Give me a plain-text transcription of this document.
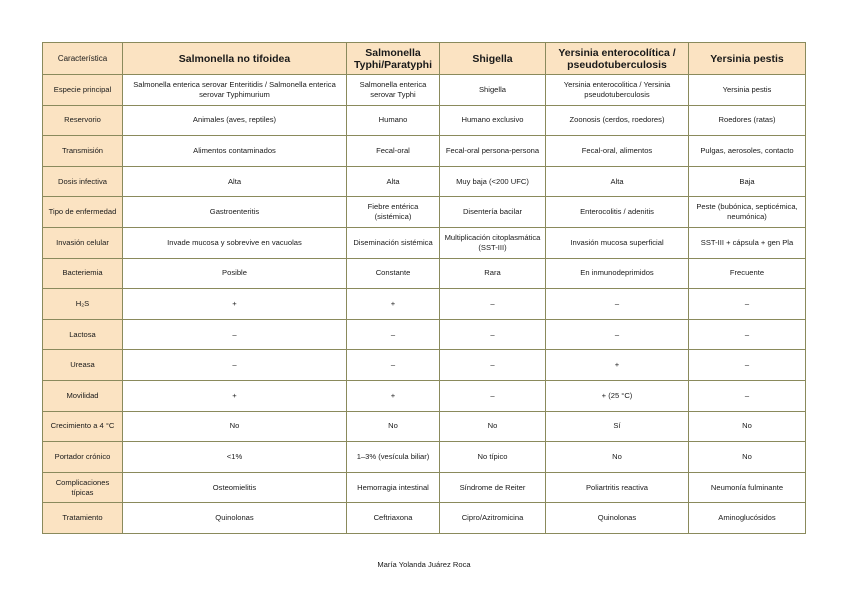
Característica	Salmonella no tifoidea	Salmonella Typhi/Paratyphi	Shigella	Yersinia enterocolítica / pseudotuberculosis	Yersinia pestis
Especie principal	Salmonella enterica serovar Enteritidis / Salmonella enterica serovar Typhimurium	Salmonella enterica serovar Typhi	Shigella	Yersinia enterocolitica / Yersinia pseudotuberculosis	Yersinia pestis
Reservorio	Animales (aves, reptiles)	Humano	Humano exclusivo	Zoonosis (cerdos, roedores)	Roedores (ratas)
Transmisión	Alimentos contaminados	Fecal-oral	Fecal-oral persona-persona	Fecal-oral, alimentos	Pulgas, aerosoles, contacto
Dosis infectiva	Alta	Alta	Muy baja (<200 UFC)	Alta	Baja
Tipo de enfermedad	Gastroenteritis	Fiebre entérica (sistémica)	Disentería bacilar	Enterocolitis / adenitis	Peste (bubónica, septicémica, neumónica)
Invasión celular	Invade mucosa y sobrevive en vacuolas	Diseminación sistémica	Multiplicación citoplasmática (SST-III)	Invasión mucosa superficial	SST-III + cápsula + gen Pla
Bacteriemia	Posible	Constante	Rara	En inmunodeprimidos	Frecuente
H₂S	+	+	–	–	–
Lactosa	–	–	–	–	–
Ureasa	–	–	–	+	–
Movilidad	+	+	–	+ (25 °C)	–
Crecimiento a 4 °C	No	No	No	Sí	No
Portador crónico	<1%	1–3% (vesícula biliar)	No típico	No	No
Complicaciones típicas	Osteomielitis	Hemorragia intestinal	Síndrome de Reiter	Poliartritis reactiva	Neumonía fulminante
Tratamiento	Quinolonas	Ceftriaxona	Cipro/Azitromicina	Quinolonas	Aminoglucósidos
María Yolanda Juárez Roca
